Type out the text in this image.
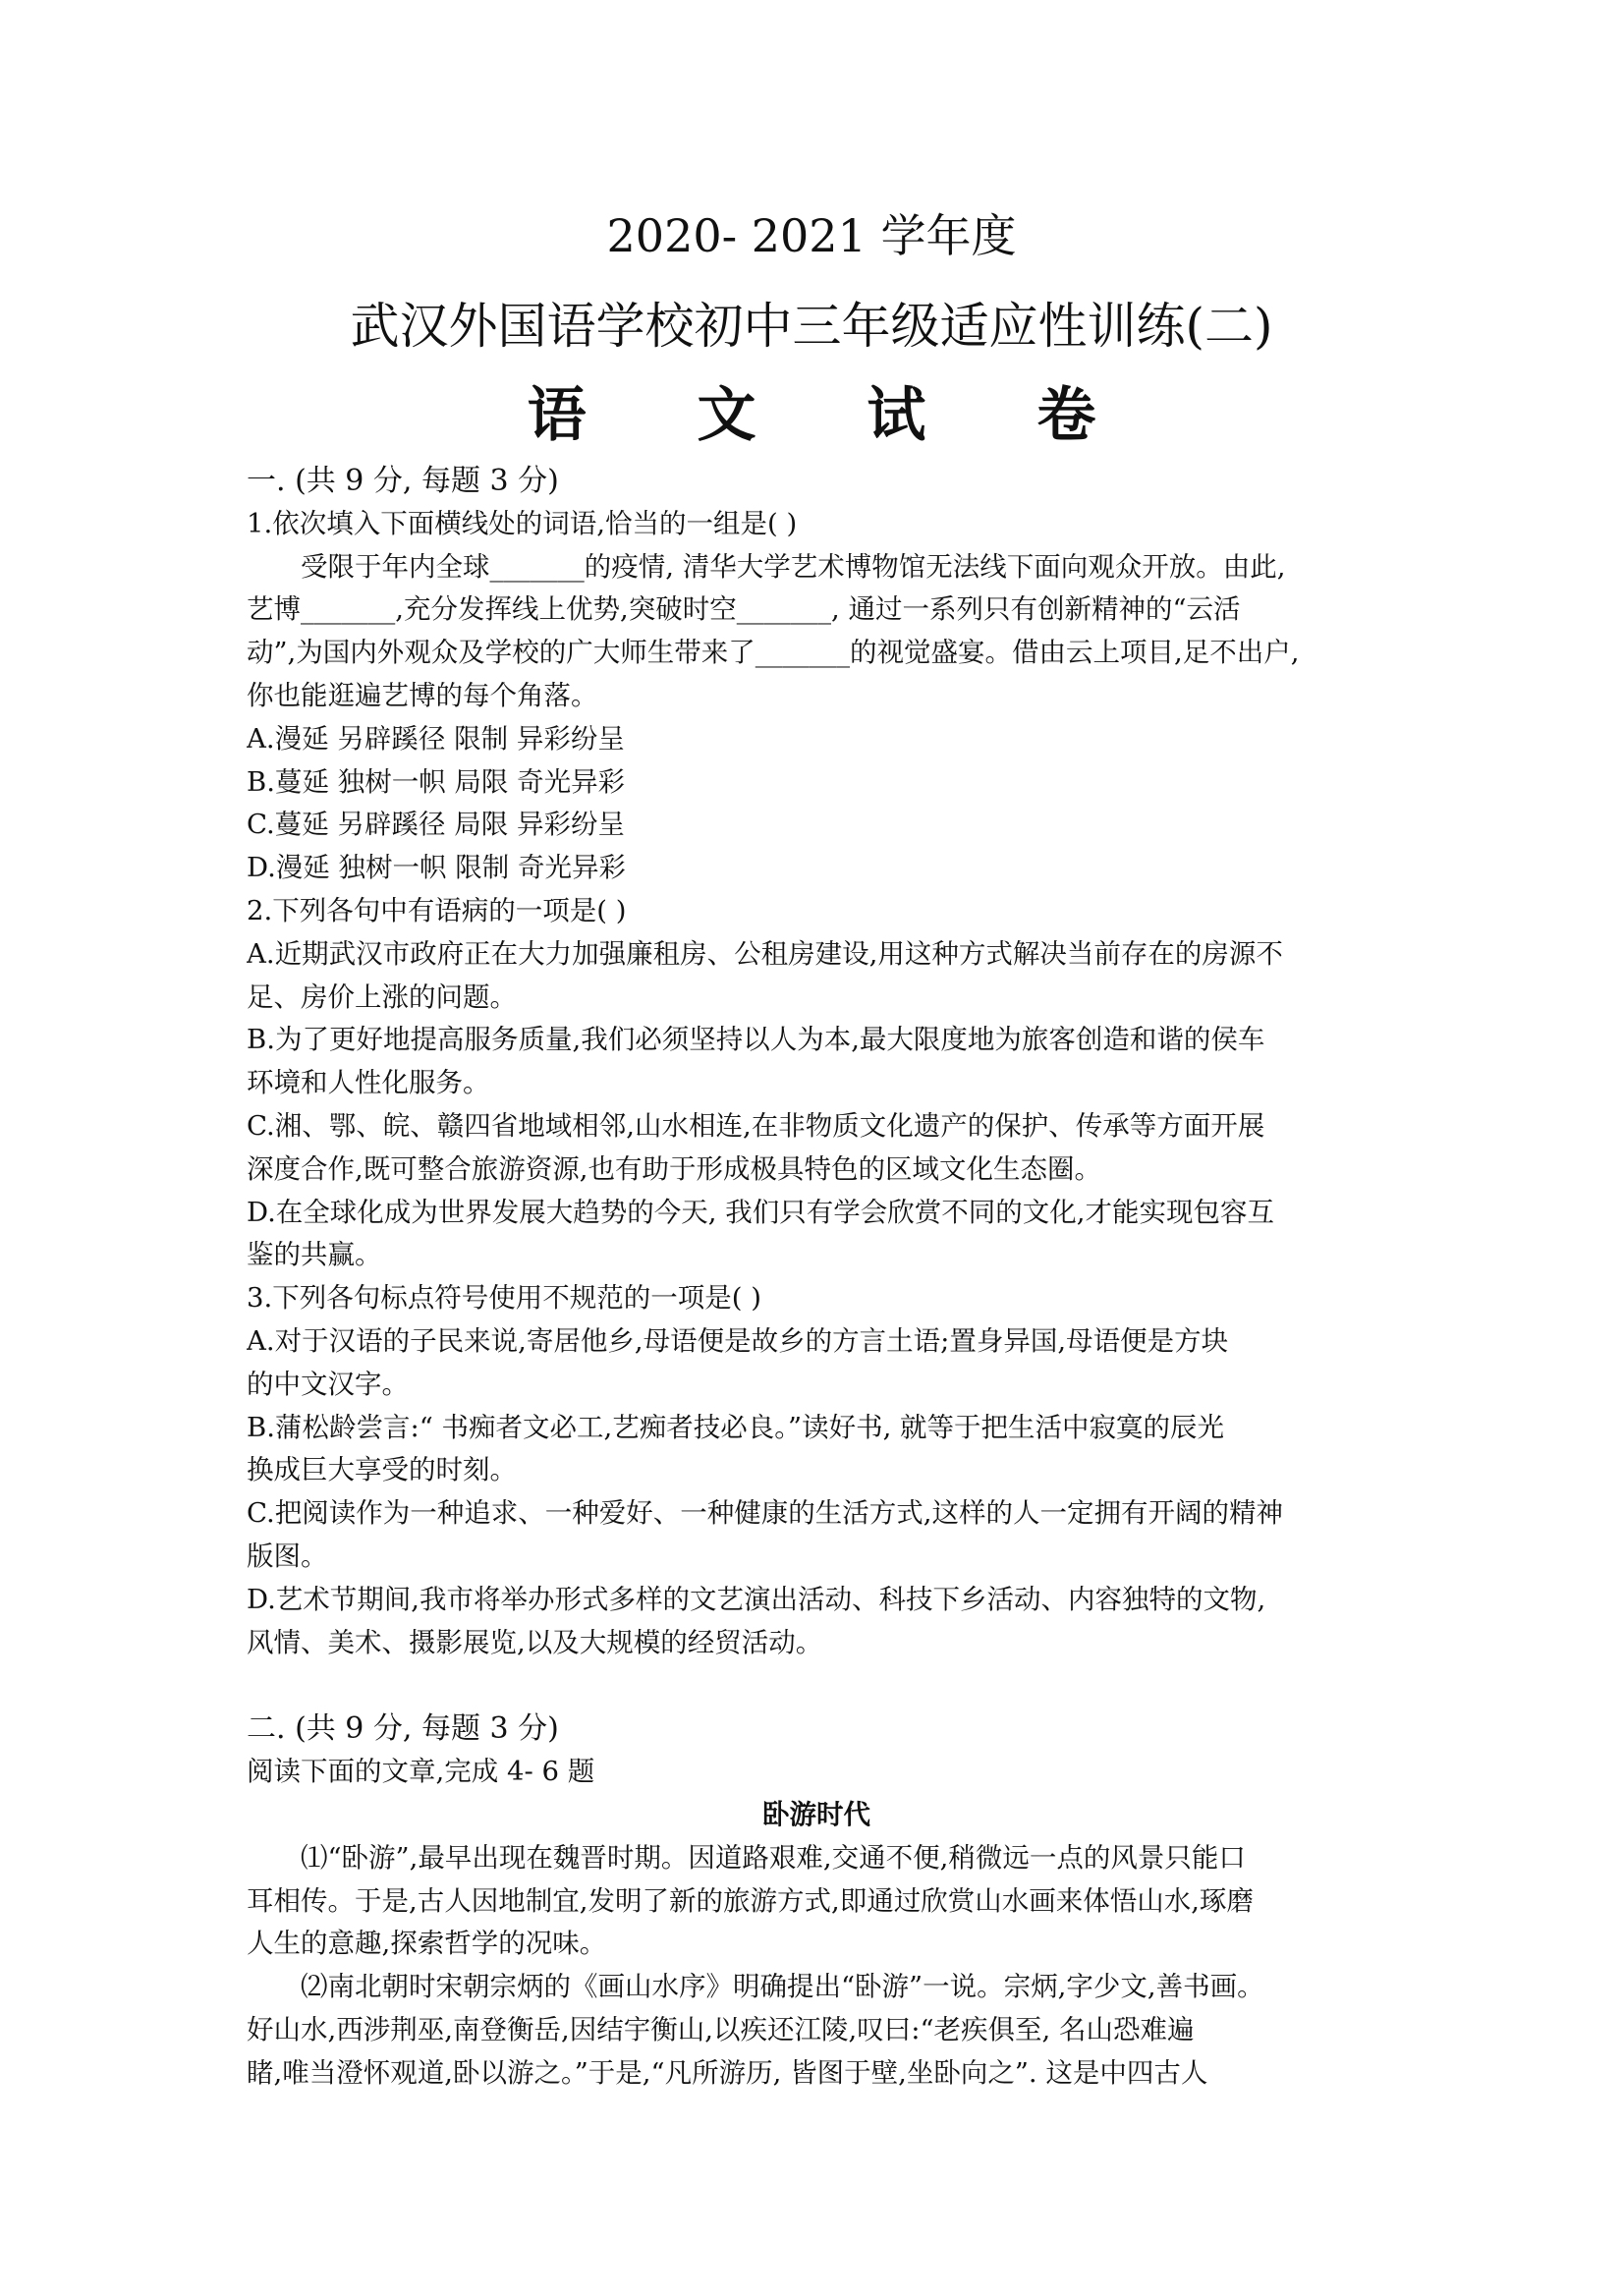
2020- 2021 学年度
武汉外国语学校初中三年级适应性训练(二)
语 文 试 卷
一. (共 9 分, 每题 3 分)
1.依次填入下面横线处的词语,恰当的一组是( )
受限于年内全球_______的疫情, 清华大学艺术博物馆无法线下面向观众开放。由此,
艺博_______,充分发挥线上优势,突破时空_______, 通过一系列只有创新精神的“云活
动”,为国内外观众及学校的广大师生带来了_______的视觉盛宴。借由云上项目,足不出户,
你也能逛遍艺博的每个角落。
A.漫延 另辟蹊径 限制 异彩纷呈
B.蔓延 独树一帜 局限 奇光异彩
C.蔓延 另辟蹊径 局限 异彩纷呈
D.漫延 独树一帜 限制 奇光异彩
2.下列各句中有语病的一项是( )
A.近期武汉市政府正在大力加强廉租房、公租房建设,用这种方式解决当前存在的房源不
足、房价上涨的问题。
B.为了更好地提高服务质量,我们必须坚持以人为本,最大限度地为旅客创造和谐的侯车
环境和人性化服务。
C.湘、鄂、皖、赣四省地域相邻,山水相连,在非物质文化遗产的保护、传承等方面开展
深度合作,既可整合旅游资源,也有助于形成极具特色的区域文化生态圈。
D.在全球化成为世界发展大趋势的今天, 我们只有学会欣赏不同的文化,才能实现包容互
鉴的共赢。
3.下列各句标点符号使用不规范的一项是( )
A.对于汉语的子民来说,寄居他乡,母语便是故乡的方言土语;置身异国,母语便是方块
的中文汉字。
B.蒲松龄尝言:“ 书痴者文必工,艺痴者技必良。”读好书, 就等于把生活中寂寞的辰光
换成巨大享受的时刻。
C.把阅读作为一种追求、一种爱好、一种健康的生活方式,这样的人一定拥有开阔的精神
版图。
D.艺术节期间,我市将举办形式多样的文艺演出活动、科技下乡活动、内容独特的文物,
风情、美术、摄影展览,以及大规模的经贸活动。
二. (共 9 分, 每题 3 分)
阅读下面的文章,完成 4- 6 题
卧游时代
⑴“卧游”,最早出现在魏晋时期。因道路艰难,交通不便,稍微远一点的风景只能口
耳相传。于是,古人因地制宜,发明了新的旅游方式,即通过欣赏山水画来体悟山水,琢磨
人生的意趣,探索哲学的况味。
⑵南北朝时宋朝宗炳的《画山水序》明确提出“卧游”一说。宗炳,字少文,善书画。
好山水,西涉荆巫,南登衡岳,因结宇衡山,以疾还江陵,叹曰:“老疾俱至, 名山恐难遍
睹,唯当澄怀观道,卧以游之。”于是,“凡所游历, 皆图于壁,坐卧向之”. 这是中四古人
